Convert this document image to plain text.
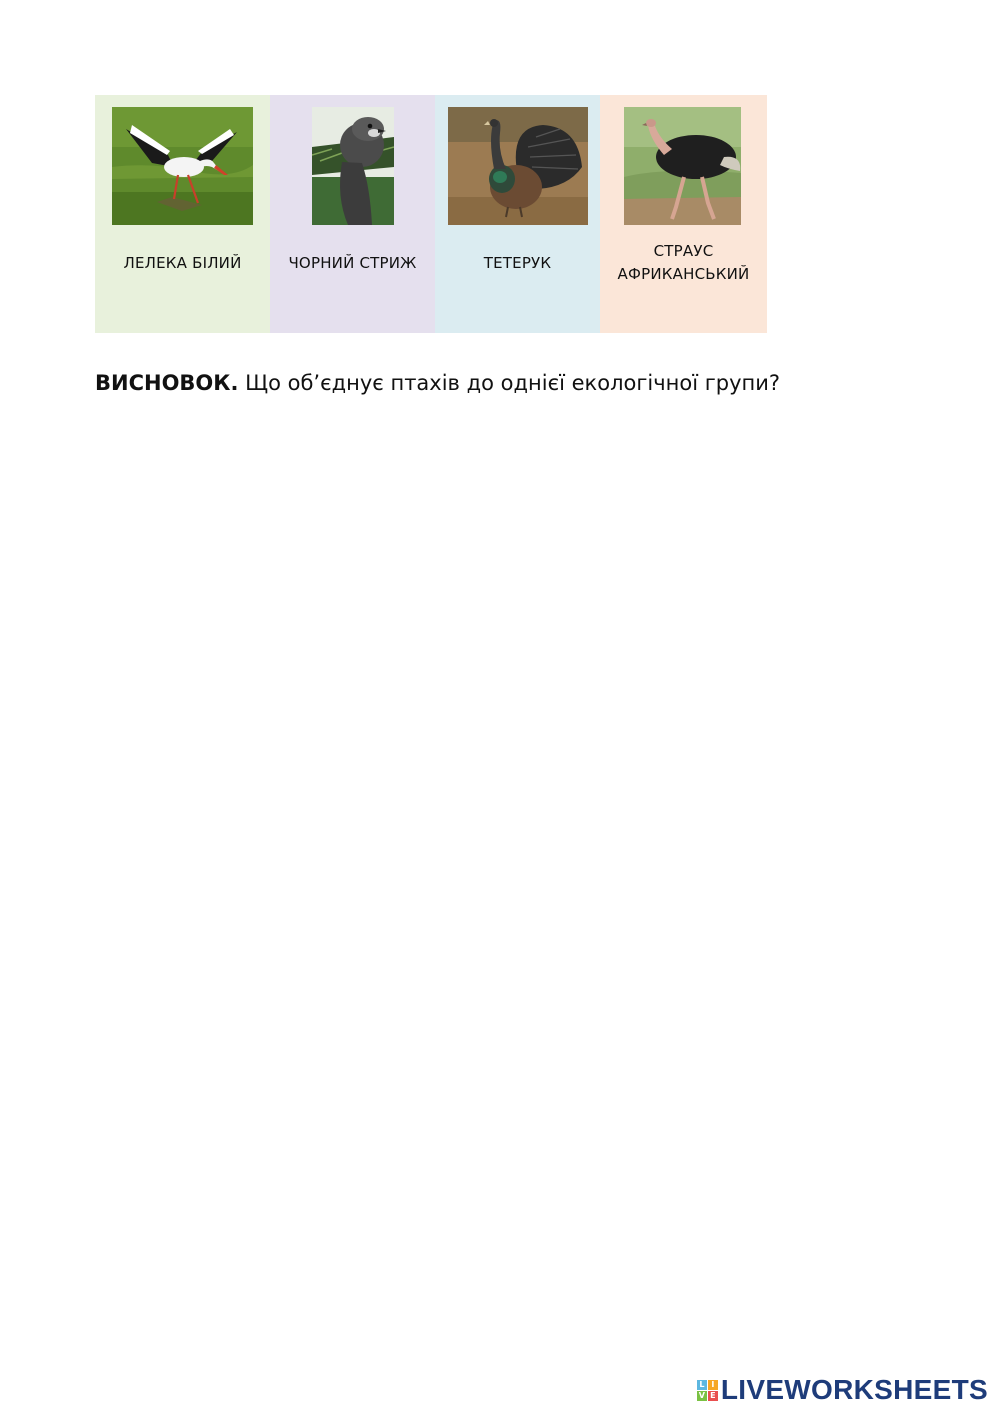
ЛЕЛЕКА БІЛИЙ	ЧОРНИЙ СТРИЖ	ТЕТЕРУК
СТРАУС АФРИКАНСЬКИЙ
ВИСНОВОК. Що об’єднує птахів до однієї екологічної групи?
L I
V E LIVEWORKSHEETS
